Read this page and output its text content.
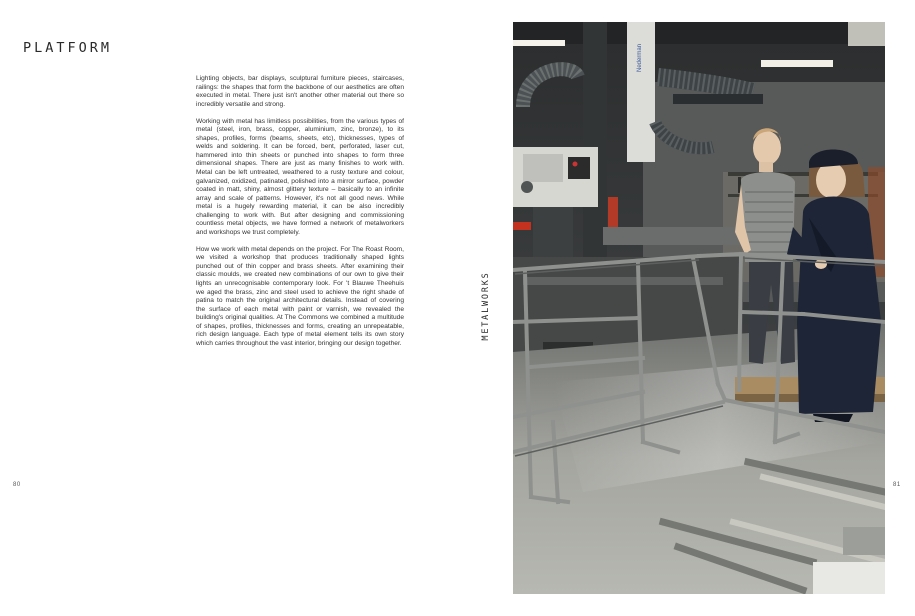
PLATFORM

Lighting objects, bar displays, sculptural furniture pieces, staircases, railings: the shapes that form the backbone of our aesthetics are often executed in metal. There just isn't another other material out there so incredibly versatile and strong.

Working with metal has limitless possibilities, from the various types of metal (steel, iron, brass, copper, aluminium, zinc, bronze), to its shapes, profiles, forms (beams, sheets, etc), thicknesses, types of welds and soldering. It can be forced, bent, perforated, laser cut, hammered into thin sheets or punched into shapes to form three dimensional shapes. There are just as many finishes to work with. Metal can be left untreated, weathered to a rusty texture and colour, galvanized, oxidized, patinated, polished into a mirror surface, powder coated in matt, shiny, almost glittery texture – basically to an infinite array and scale of patterns. However, it's not all good news. While metal is a hugely rewarding material, it can be also incredibly challenging to work with. But after designing and commissioning countless metal objects, we have formed a network of metalworkers and workshops we trust completely.

How we work with metal depends on the project. For The Roast Room, we visited a workshop that produces traditionally shaped lights punched out of thin copper and brass sheets. After examining their classic moulds, we created new combinations of our own to give their lights an unrecognisable contemporary look. For 't Blauwe Theehuis we aged the brass, zinc and steel used to achieve the right shade of patina to match the original architectural details. Instead of covering the surface of each metal with paint or varnish, we revealed the building's original qualities. At The Commons we combined a multitude of shapes, profiles, thicknesses and forms, creating an unrepeatable, rich design language. Each type of metal element tells its own story which carries throughout the vast interior, bringing our design together.

80
METALWORKS
Nederman
81
